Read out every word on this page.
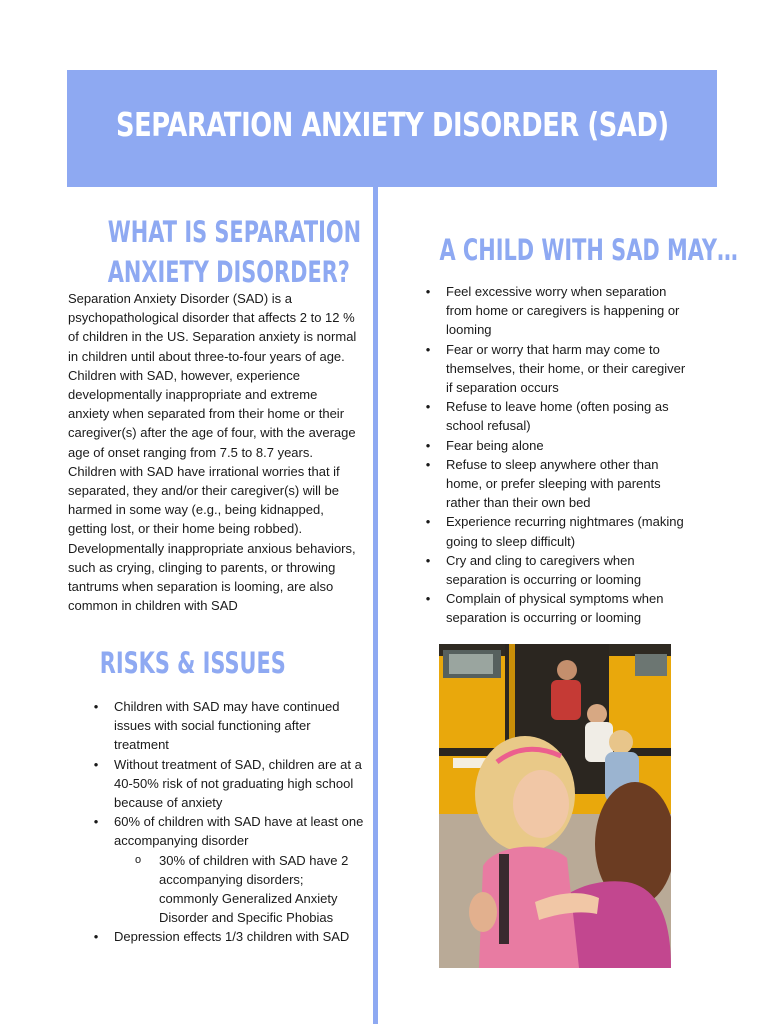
SEPARATION ANXIETY DISORDER (SAD)
WHAT IS SEPARATION
ANXIETY DISORDER?

Separation Anxiety Disorder (SAD) is a psychopathological disorder that affects 2 to 12 % of children in the US. Separation anxiety is normal in children until about three-to-four years of age. Children with SAD, however, experience developmentally inappropriate and extreme anxiety when separated from their home or their caregiver(s) after the age of four, with the average age of onset ranging from 7.5 to 8.7 years. Children with SAD have irrational worries that if separated, they and/or their caregiver(s) will be harmed in some way (e.g., being kidnapped, getting lost, or their home being robbed). Developmentally inappropriate anxious behaviors, such as crying, clinging to parents, or throwing tantrums when separation is looming, are also common in children with SAD

A CHILD WITH SAD MAY…
• Feel excessive worry when separation from home or caregivers is happening or looming
• Fear or worry that harm may come to themselves, their home, or their caregiver if separation occurs
• Refuse to leave home (often posing as school refusal)
• Fear being alone
• Refuse to sleep anywhere other than home, or prefer sleeping with parents rather than their own bed
• Experience recurring nightmares (making going to sleep difficult)
• Cry and cling to caregivers when separation is occurring or looming
• Complain of physical symptoms when separation is occurring or looming
RISKS & ISSUES
• Children with SAD may have continued issues with social functioning after treatment
• Without treatment of SAD, children are at a 40-50% risk of not graduating high school because of anxiety
• 60% of children with SAD have at least one accompanying disorder
o 30% of children with SAD have 2 accompanying disorders; commonly Generalized Anxiety Disorder and Specific Phobias
• Depression effects 1/3 children with SAD
